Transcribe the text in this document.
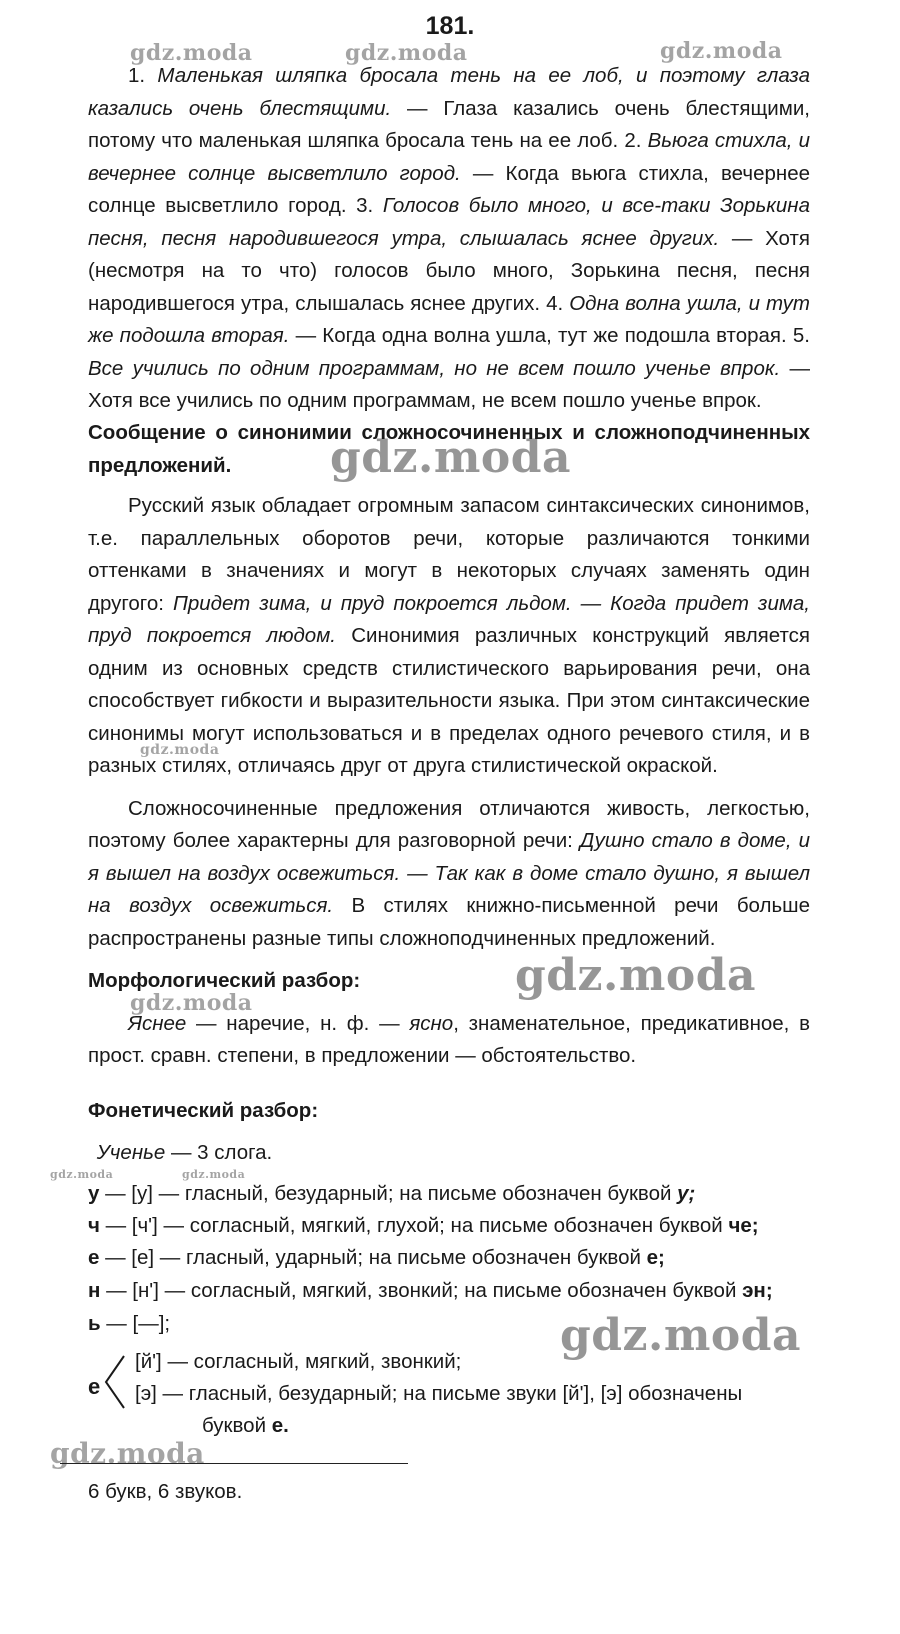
181.
gdz.moda	gdz.moda	gdz.moda
gdz.moda
gdz.moda
gdz.moda
gdz.moda
gdz.moda	gdz.moda
gdz.moda
gdz.moda

1. Маленькая шляпка бросала тень на ее лоб, и поэтому глаза казались очень блестящими. — Глаза казались очень блестящими, потому что маленькая шляпка бросала тень на ее лоб. 2. Вьюга стихла, и вечернее солнце высветлило город. — Когда вьюга стихла, вечернее солнце высветлило город. 3. Голосов было много, и все-таки Зорькина песня, песня народившегося утра, слышалась яснее других. — Хотя (несмотря на то что) голосов было много, Зорькина песня, песня народившегося утра, слышалась яснее других. 4. Одна волна ушла, и тут же подошла вторая. — Когда одна волна ушла, тут же подошла вторая. 5. Все учились по одним программам, но не всем пошло ученье впрок. — Хотя все учились по одним программам, не всем пошло ученье впрок.

Сообщение о синонимии сложносочиненных и сложноподчиненных предложений.

Русский язык обладает огромным запасом синтаксических синонимов, т.е. параллельных оборотов речи, которые различаются тонкими оттенками в значениях и могут в некоторых случаях заменять один другого: Придет зима, и пруд покроется льдом. — Когда придет зима, пруд покроется людом. Синонимия различных конструкций является одним из основных средств стилистического варьирования речи, она способствует гибкости и выразительности языка. При этом синтаксические синонимы могут использоваться и в пределах одного речевого стиля, и в разных стилях, отличаясь друг от друга стилистической окраской.

Сложносочиненные предложения отличаются живость, легкостью, поэтому более характерны для разговорной речи: Душно стало в доме, и я вышел на воздух освежиться. — Так как в доме стало душно, я вышел на воздух освежиться. В стилях книжно-письменной речи больше распространены разные типы сложноподчиненных предложений.

Морфологический разбор:

Яснее — наречие, н. ф. — ясно, знаменательное, предикативное, в прост. сравн. степени, в предложении — обстоятельство.

Фонетический разбор:

Ученье — 3 слога.
у — [у] — гласный, безударный; на письме обозначен буквой у;
ч — [ч'] — согласный, мягкий, глухой; на письме обозначен буквой че;
е — [е] — гласный, ударный; на письме обозначен буквой е;
н — [н'] — согласный, мягкий, звонкий; на письме обозначен буквой эн;
ь — [—];
е
[й'] — согласный, мягкий, звонкий;
[э] — гласный, безударный; на письме звуки [й'], [э] обозначены
буквой е.
6 букв, 6 звуков.
